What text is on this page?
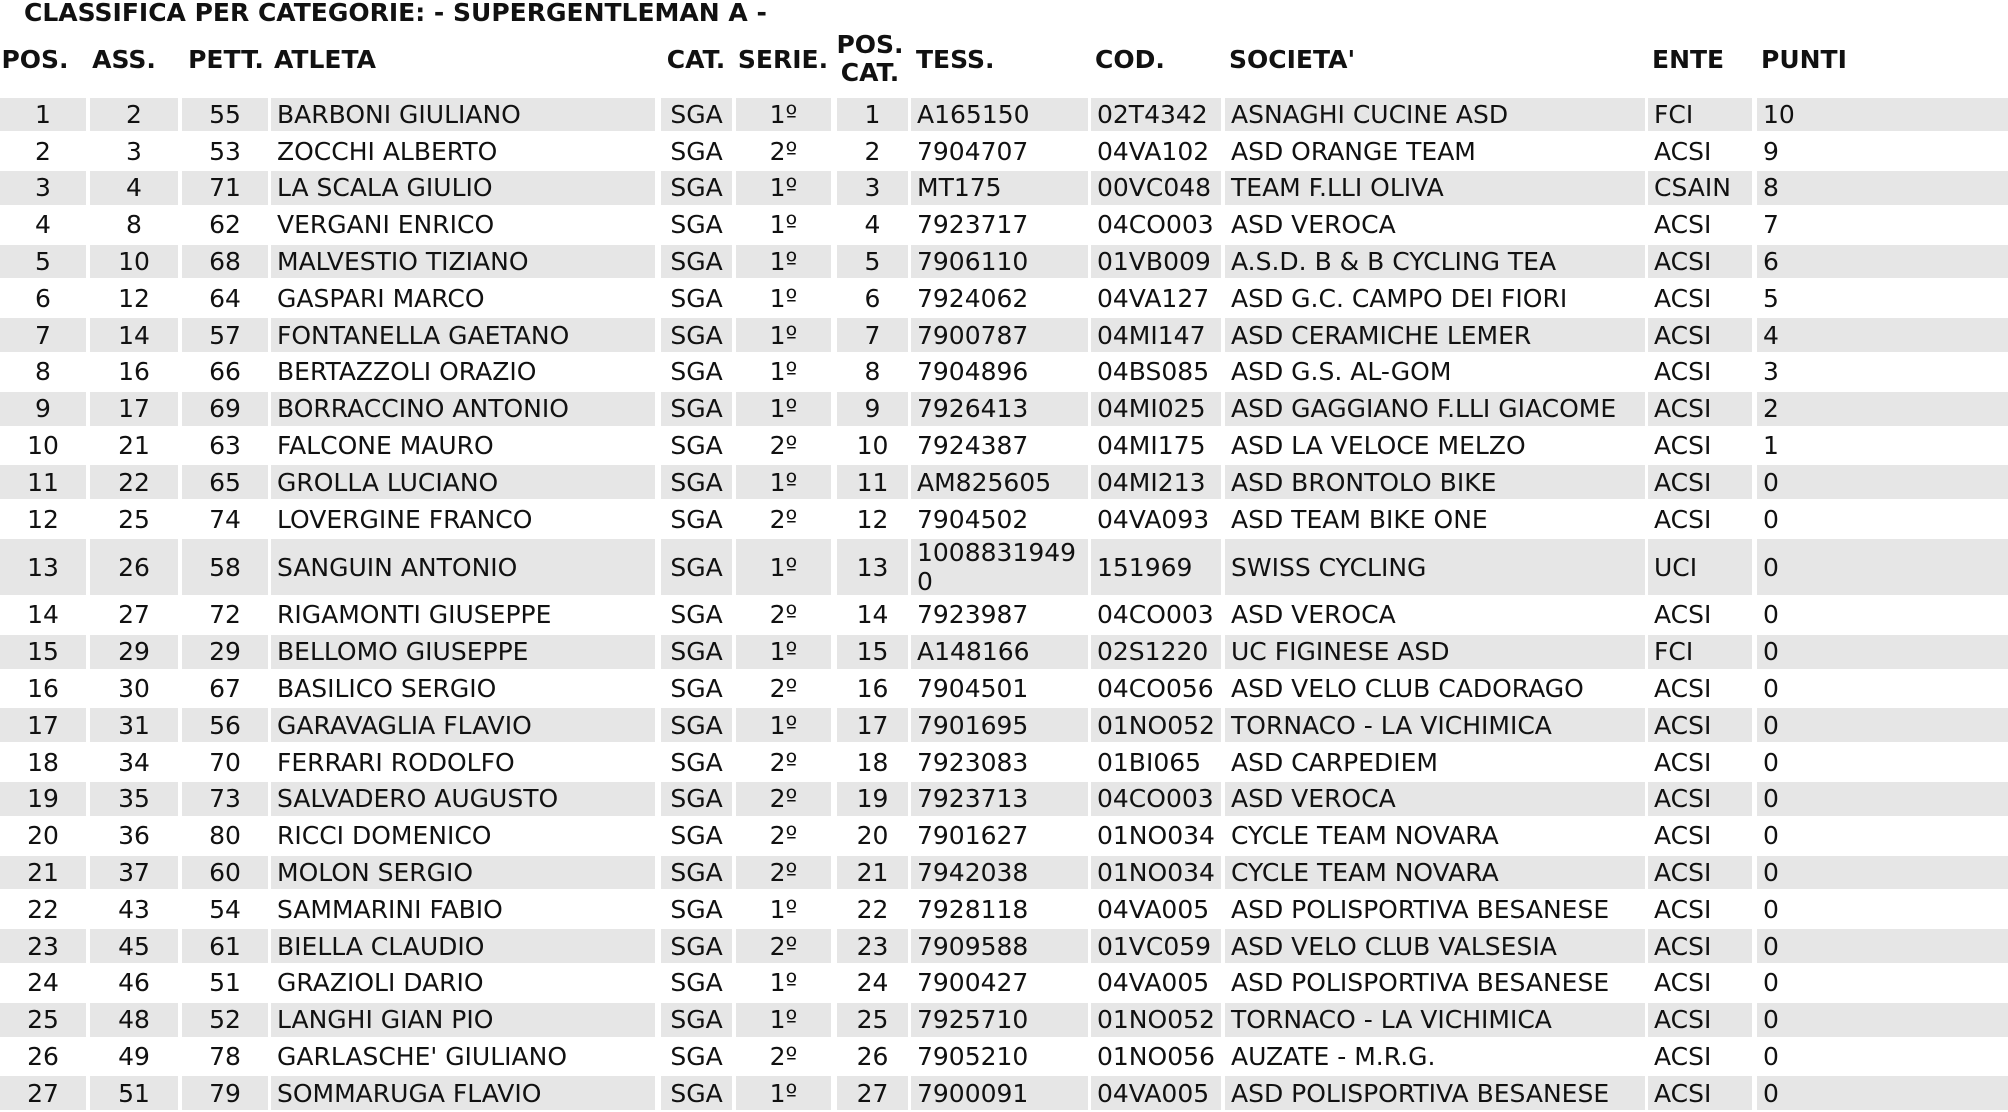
CLASSIFICA PER CATEGORIE: - SUPERGENTLEMAN A -
POS. ASS. PETT. ATLETA	CAT. SERIE. POS.
CAT. TESS.	COD.	SOCIETA'	ENTE	PUNTI
1	2	55	BARBONI GIULIANO	SGA	1º	1	A165150	02T4342 ASNAGHI CUCINE ASD	FCI	10
2	3	53	ZOCCHI ALBERTO	SGA	2º	2	7904707	04VA102 ASD ORANGE TEAM	ACSI	9
3	4	71	LA SCALA GIULIO	SGA	1º	3	MT175	00VC048 TEAM F.LLI OLIVA	CSAIN	8
4	8	62	VERGANI ENRICO	SGA	1º	4	7923717	04CO003 ASD VEROCA	ACSI	7
5	10	68	MALVESTIO TIZIANO	SGA	1º	5	7906110	01VB009 A.S.D. B & B CYCLING TEA	ACSI	6
6	12	64	GASPARI MARCO	SGA	1º	6	7924062	04VA127 ASD G.C. CAMPO DEI FIORI	ACSI	5
7	14	57	FONTANELLA GAETANO	SGA	1º	7	7900787	04MI147	ASD CERAMICHE LEMER	ACSI	4
8	16	66	BERTAZZOLI ORAZIO	SGA	1º	8	7904896	04BS085 ASD G.S. AL-GOM	ACSI	3
9	17	69	BORRACCINO ANTONIO	SGA	1º	9	7926413	04MI025	ASD GAGGIANO F.LLI GIACOME	ACSI	2
10	21	63	FALCONE MAURO	SGA	2º	10	7924387	04MI175	ASD LA VELOCE MELZO	ACSI	1
11	22	65	GROLLA LUCIANO	SGA	1º	11	AM825605	04MI213	ASD BRONTOLO BIKE	ACSI	0
12	25	74	LOVERGINE FRANCO	SGA	2º	12	7904502	04VA093 ASD TEAM BIKE ONE	ACSI	0
13	26	58	SANGUIN ANTONIO	SGA	1º	13	10088319490	151969	SWISS CYCLING	UCI	0
14	27	72	RIGAMONTI GIUSEPPE	SGA	2º	14	7923987	04CO003 ASD VEROCA	ACSI	0
15	29	29	BELLOMO GIUSEPPE	SGA	1º	15	A148166	02S1220 UC FIGINESE ASD	FCI	0
16	30	67	BASILICO SERGIO	SGA	2º	16	7904501	04CO056 ASD VELO CLUB CADORAGO	ACSI	0
17	31	56	GARAVAGLIA FLAVIO	SGA	1º	17	7901695	01NO052 TORNACO - LA VICHIMICA	ACSI	0
18	34	70	FERRARI RODOLFO	SGA	2º	18	7923083	01BI065	ASD CARPEDIEM	ACSI	0
19	35	73	SALVADERO AUGUSTO	SGA	2º	19	7923713	04CO003 ASD VEROCA	ACSI	0
20	36	80	RICCI DOMENICO	SGA	2º	20	7901627	01NO034 CYCLE TEAM NOVARA	ACSI	0
21	37	60	MOLON SERGIO	SGA	2º	21	7942038	01NO034 CYCLE TEAM NOVARA	ACSI	0
22	43	54	SAMMARINI FABIO	SGA	1º	22	7928118	04VA005 ASD POLISPORTIVA BESANESE	ACSI	0
23	45	61	BIELLA CLAUDIO	SGA	2º	23	7909588	01VC059 ASD VELO CLUB VALSESIA	ACSI	0
24	46	51	GRAZIOLI DARIO	SGA	1º	24	7900427	04VA005 ASD POLISPORTIVA BESANESE	ACSI	0
25	48	52	LANGHI GIAN PIO	SGA	1º	25	7925710	01NO052 TORNACO - LA VICHIMICA	ACSI	0
26	49	78	GARLASCHE' GIULIANO	SGA	2º	26	7905210	01NO056 AUZATE - M.R.G.	ACSI	0
27	51	79	SOMMARUGA FLAVIO	SGA	1º	27	7900091	04VA005 ASD POLISPORTIVA BESANESE	ACSI	0
